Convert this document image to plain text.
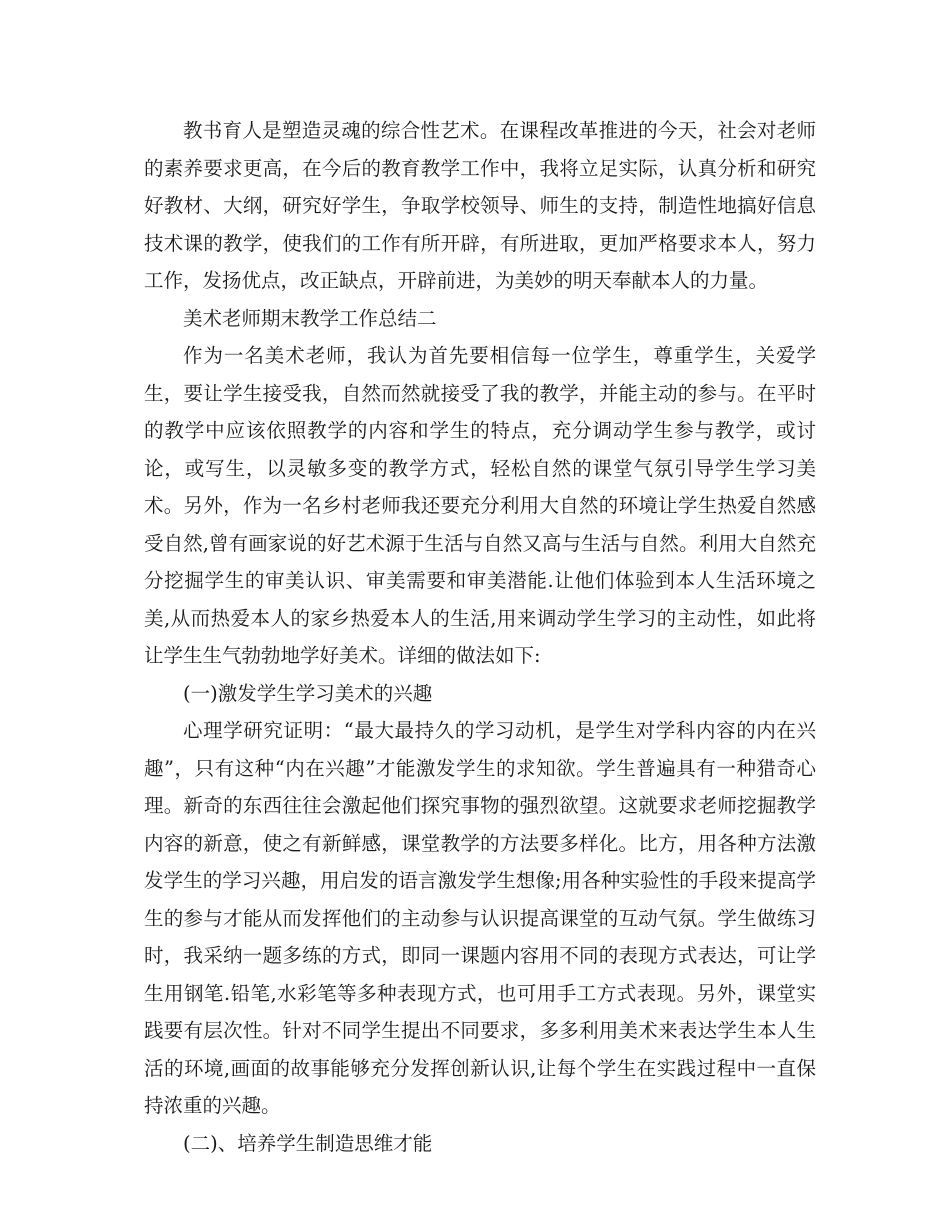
教书育人是塑造灵魂的综合性艺术。在课程改革推进的今天，社会对老师的素养要求更高，在今后的教育教学工作中，我将立足实际，认真分析和研究好教材、大纲，研究好学生，争取学校领导、师生的支持，制造性地搞好信息技术课的教学，使我们的工作有所开辟，有所进取，更加严格要求本人，努力工作，发扬优点，改正缺点，开辟前进，为美妙的明天奉献本人的力量。

美术老师期末教学工作总结二

作为一名美术老师，我认为首先要相信每一位学生，尊重学生，关爱学生，要让学生接受我，自然而然就接受了我的教学，并能主动的参与。在平时的教学中应该依照教学的内容和学生的特点，充分调动学生参与教学，或讨论，或写生，以灵敏多变的教学方式，轻松自然的课堂气氛引导学生学习美术。另外，作为一名乡村老师我还要充分利用大自然的环境让学生热爱自然感受自然,曾有画家说的好艺术源于生活与自然又高与生活与自然。利用大自然充分挖掘学生的审美认识、审美需要和审美潜能.让他们体验到本人生活环境之美,从而热爱本人的家乡热爱本人的生活,用来调动学生学习的主动性，如此将让学生生气勃勃地学好美术。详细的做法如下:

(一)激发学生学习美术的兴趣

心理学研究证明：“最大最持久的学习动机，是学生对学科内容的内在兴趣”，只有这种“内在兴趣”才能激发学生的求知欲。学生普遍具有一种猎奇心理。新奇的东西往往会激起他们探究事物的强烈欲望。这就要求老师挖掘教学内容的新意，使之有新鲜感，课堂教学的方法要多样化。比方，用各种方法激发学生的学习兴趣，用启发的语言激发学生想像;用各种实验性的手段来提高学生的参与才能从而发挥他们的主动参与认识提高课堂的互动气氛。学生做练习时，我采纳一题多练的方式，即同一课题内容用不同的表现方式表达，可让学生用钢笔.铅笔,水彩笔等多种表现方式，也可用手工方式表现。另外，课堂实践要有层次性。针对不同学生提出不同要求，多多利用美术来表达学生本人生活的环境,画面的故事能够充分发挥创新认识,让每个学生在实践过程中一直保持浓重的兴趣。

(二)、培养学生制造思维才能
